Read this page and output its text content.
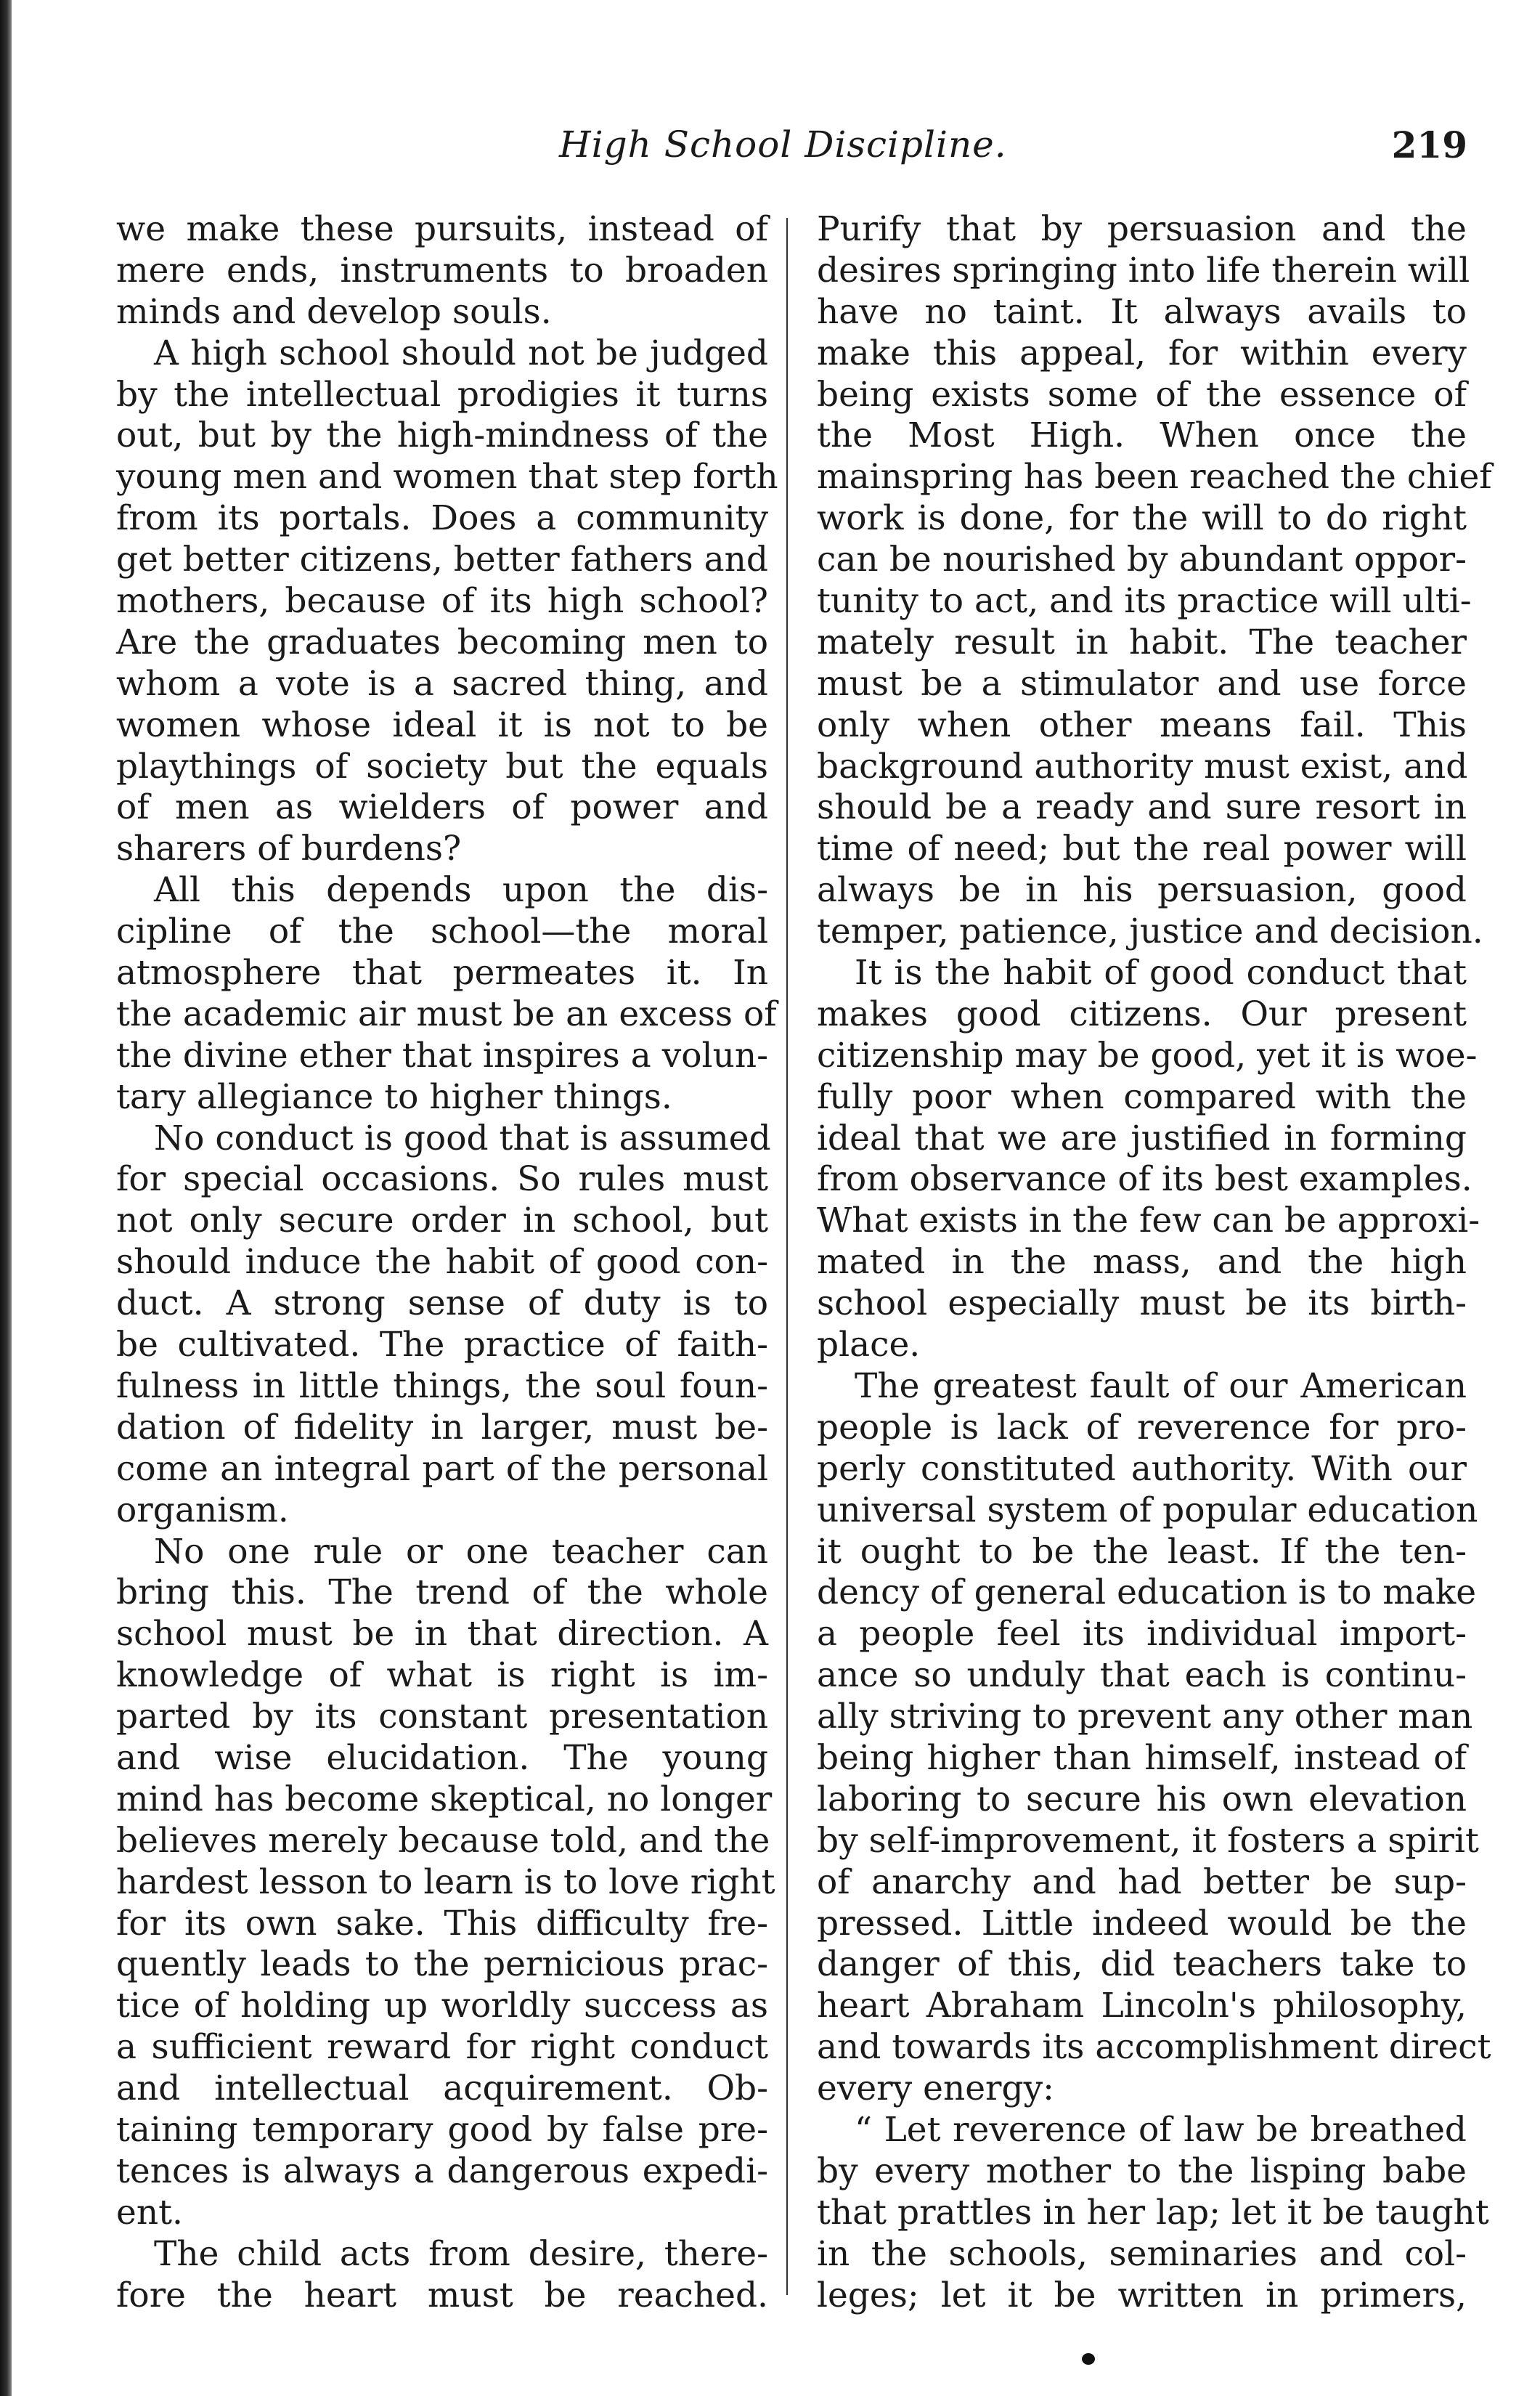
High School Discipline.	219
we make these pursuits, instead of
mere ends, instruments to broaden
minds and develop souls.
A high school should not be judged
by the intellectual prodigies it turns
out, but by the high-mindness of the
young men and women that step forth
from its portals. Does a community
get better citizens, better fathers and
mothers, because of its high school?
Are the graduates becoming men to
whom a vote is a sacred thing, and
women whose ideal it is not to be
playthings of society but the equals
of men as wielders of power and
sharers of burdens?
All this depends upon the dis-
cipline of the school—the moral
atmosphere that permeates it. In
the academic air must be an excess of
the divine ether that inspires a volun-
tary allegiance to higher things.
No conduct is good that is assumed
for special occasions. So rules must
not only secure order in school, but
should induce the habit of good con-
duct. A strong sense of duty is to
be cultivated. The practice of faith-
fulness in little things, the soul foun-
dation of fidelity in larger, must be-
come an integral part of the personal
organism.
No one rule or one teacher can
bring this. The trend of the whole
school must be in that direction. A
knowledge of what is right is im-
parted by its constant presentation
and wise elucidation. The young
mind has become skeptical, no longer
believes merely because told, and the
hardest lesson to learn is to love right
for its own sake. This difficulty fre-
quently leads to the pernicious prac-
tice of holding up worldly success as
a sufficient reward for right conduct
and intellectual acquirement. Ob-
taining temporary good by false pre-
tences is always a dangerous expedi-
ent.
The child acts from desire, there-
fore the heart must be reached.
Purify that by persuasion and the
desires springing into life therein will
have no taint. It always avails to
make this appeal, for within every
being exists some of the essence of
the Most High. When once the
mainspring has been reached the chief
work is done, for the will to do right
can be nourished by abundant oppor-
tunity to act, and its practice will ulti-
mately result in habit. The teacher
must be a stimulator and use force
only when other means fail. This
background authority must exist, and
should be a ready and sure resort in
time of need; but the real power will
always be in his persuasion, good
temper, patience, justice and decision.
It is the habit of good conduct that
makes good citizens. Our present
citizenship may be good, yet it is woe-
fully poor when compared with the
ideal that we are justified in forming
from observance of its best examples.
What exists in the few can be approxi-
mated in the mass, and the high
school especially must be its birth-
place.
The greatest fault of our American
people is lack of reverence for pro-
perly constituted authority. With our
universal system of popular education
it ought to be the least. If the ten-
dency of general education is to make
a people feel its individual import-
ance so unduly that each is continu-
ally striving to prevent any other man
being higher than himself, instead of
laboring to secure his own elevation
by self-improvement, it fosters a spirit
of anarchy and had better be sup-
pressed. Little indeed would be the
danger of this, did teachers take to
heart Abraham Lincoln's philosophy,
and towards its accomplishment direct
every energy:
“ Let reverence of law be breathed
by every mother to the lisping babe
that prattles in her lap; let it be taught
in the schools, seminaries and col-
leges; let it be written in primers,
